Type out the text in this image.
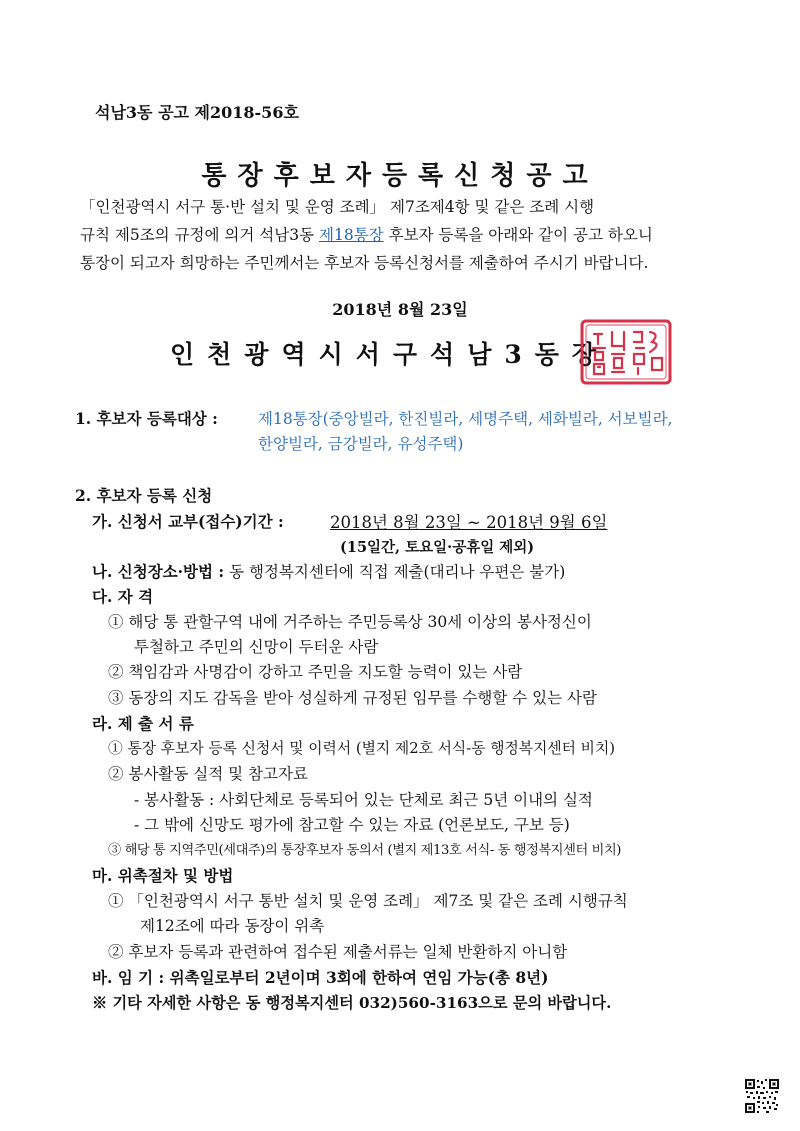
석남3동 공고 제2018-56호
통장후보자등록신청공고
「인천광역시 서구 통·반 설치 및 운영 조례」 제7조제4항 및 같은 조례 시행
규칙 제5조의 규정에 의거 석남3동 제18통장 후보자 등록을 아래와 같이 공고 하오니
통장이 되고자 희망하는 주민께서는 후보자 등록신청서를 제출하여 주시기 바랍니다.
2018년 8월 23일
인천광역시서구석남3동장
1. 후보자 등록대상 :	제18통장(중앙빌라, 한진빌라, 세명주택, 세화빌라, 서보빌라,
한양빌라, 금강빌라, 유성주택)
2. 후보자 등록 신청
가. 신청서 교부(접수)기간 :	2018년 8월 23일 ~ 2018년 9월 6일
(15일간, 토요일·공휴일 제외)
나. 신청장소·방법 : 동 행정복지센터에 직접 제출(대리나 우편은 불가)
다. 자 격
① 해당 통 관할구역 내에 거주하는 주민등록상 30세 이상의 봉사정신이
투철하고 주민의 신망이 두터운 사람
② 책임감과 사명감이 강하고 주민을 지도할 능력이 있는 사람
③ 동장의 지도 감독을 받아 성실하게 규정된 임무를 수행할 수 있는 사람
라. 제 출 서 류
① 통장 후보자 등록 신청서 및 이력서 (별지 제2호 서식-동 행정복지센터 비치)
② 봉사활동 실적 및 참고자료
- 봉사활동 : 사회단체로 등록되어 있는 단체로 최근 5년 이내의 실적
- 그 밖에 신망도 평가에 참고할 수 있는 자료 (언론보도, 구보 등)
③ 해당 통 지역주민(세대주)의 통장후보자 동의서 (별지 제13호 서식- 동 행정복지센터 비치)
마. 위촉절차 및 방법
① 「인천광역시 서구 통반 설치 및 운영 조례」 제7조 및 같은 조례 시행규칙
제12조에 따라 동장이 위촉
② 후보자 등록과 관련하여 접수된 제출서류는 일체 반환하지 아니함
바. 임 기 : 위촉일로부터 2년이며 3회에 한하여 연임 가능(총 8년)
※ 기타 자세한 사항은 동 행정복지센터 032)560-3163으로 문의 바랍니다.
